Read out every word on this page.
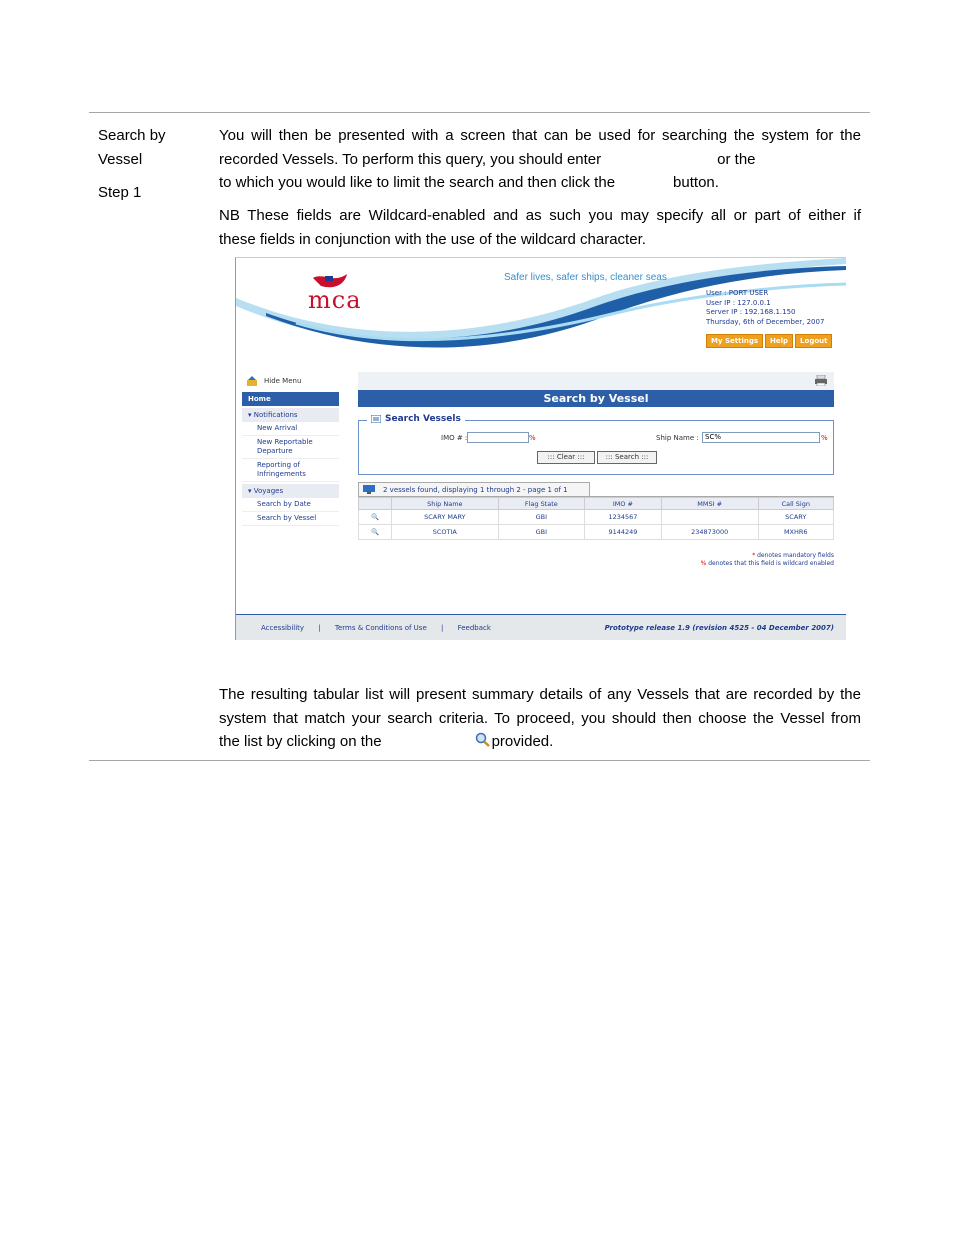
Search by
Vessel
Step 1

You will then be presented with a screen that can be used for searching the system for the

recorded Vessels. To perform this query, you should enter	or the

to which you would like to limit the search and then click the	button.

NB These fields are Wildcard-enabled and as such you may specify all or part of either if

these fields in conjunction with the use of the wildcard character.

mca
Safer lives, safer ships, cleaner seas
User : PORT USER
User IP : 127.0.0.1
Server IP : 192.168.1.150
Thursday, 6th of December, 2007
My Settings	Help	Logout
Hide Menu
Home
▾ Notifications
New Arrival
New Reportable Departure
Reporting of Infringements
▾ Voyages
Search by Date
Search by Vessel
Search by Vessel
Search Vessels
IMO # :	%	Ship Name : SC%	%
::: Clear :::	::: Search :::
2 vessels found, displaying 1 through 2 - page 1 of 1
	Ship Name	Flag State	IMO #	MMSI #	Call Sign
🔍	SCARY MARY	GBI	1234567		SCARY
🔍	SCOTIA	GBI	9144249	234873000	MXHR6
* denotes mandatory fields
% denotes that this field is wildcard enabled
Accessibility | Terms & Conditions of Use | Feedback	Prototype release 1.9 (revision 4525 - 04 December 2007)

The resulting tabular list will present summary details of any Vessels that are recorded by the

system that match your search criteria. To proceed, you should then choose the Vessel from

the list by clicking on the	provided.
